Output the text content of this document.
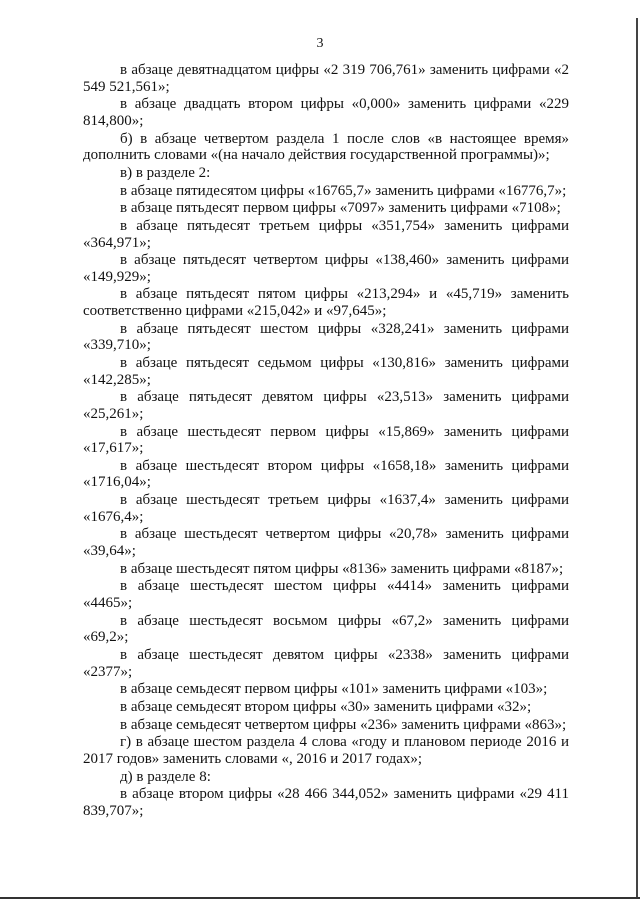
3

в абзаце девятнадцатом цифры «2 319 706,761» заменить цифрами «2 549 521,561»;

в абзаце двадцать втором цифры «0,000» заменить цифрами «229 814,800»;

б) в абзаце четвертом раздела 1 после слов «в настоящее время» дополнить словами «(на начало действия государственной программы)»;

в) в разделе 2:

в абзаце пятидесятом цифры «16765,7» заменить цифрами «16776,7»;

в абзаце пятьдесят первом цифры «7097» заменить цифрами «7108»;

в абзаце пятьдесят третьем цифры «351,754» заменить цифрами «364,971»;

в абзаце пятьдесят четвертом цифры «138,460» заменить цифрами «149,929»;

в абзаце пятьдесят пятом цифры «213,294» и «45,719» заменить соответственно цифрами «215,042» и «97,645»;

в абзаце пятьдесят шестом цифры «328,241» заменить цифрами «339,710»;

в абзаце пятьдесят седьмом цифры «130,816» заменить цифрами «142,285»;

в абзаце пятьдесят девятом цифры «23,513» заменить цифрами «25,261»;

в абзаце шестьдесят первом цифры «15,869» заменить цифрами «17,617»;

в абзаце шестьдесят втором цифры «1658,18» заменить цифрами «1716,04»;

в абзаце шестьдесят третьем цифры «1637,4» заменить цифрами «1676,4»;

в абзаце шестьдесят четвертом цифры «20,78» заменить цифрами «39,64»;

в абзаце шестьдесят пятом цифры «8136» заменить цифрами «8187»;

в абзаце шестьдесят шестом цифры «4414» заменить цифрами «4465»;

в абзаце шестьдесят восьмом цифры «67,2» заменить цифрами «69,2»;

в абзаце шестьдесят девятом цифры «2338» заменить цифрами «2377»;

в абзаце семьдесят первом цифры «101» заменить цифрами «103»;

в абзаце семьдесят втором цифры «30» заменить цифрами «32»;

в абзаце семьдесят четвертом цифры «236» заменить цифрами «863»;

г) в абзаце шестом раздела 4 слова «году и плановом периоде 2016 и 2017 годов» заменить словами «, 2016 и 2017 годах»;

д) в разделе 8:

в абзаце втором цифры «28 466 344,052» заменить цифрами «29 411 839,707»;
